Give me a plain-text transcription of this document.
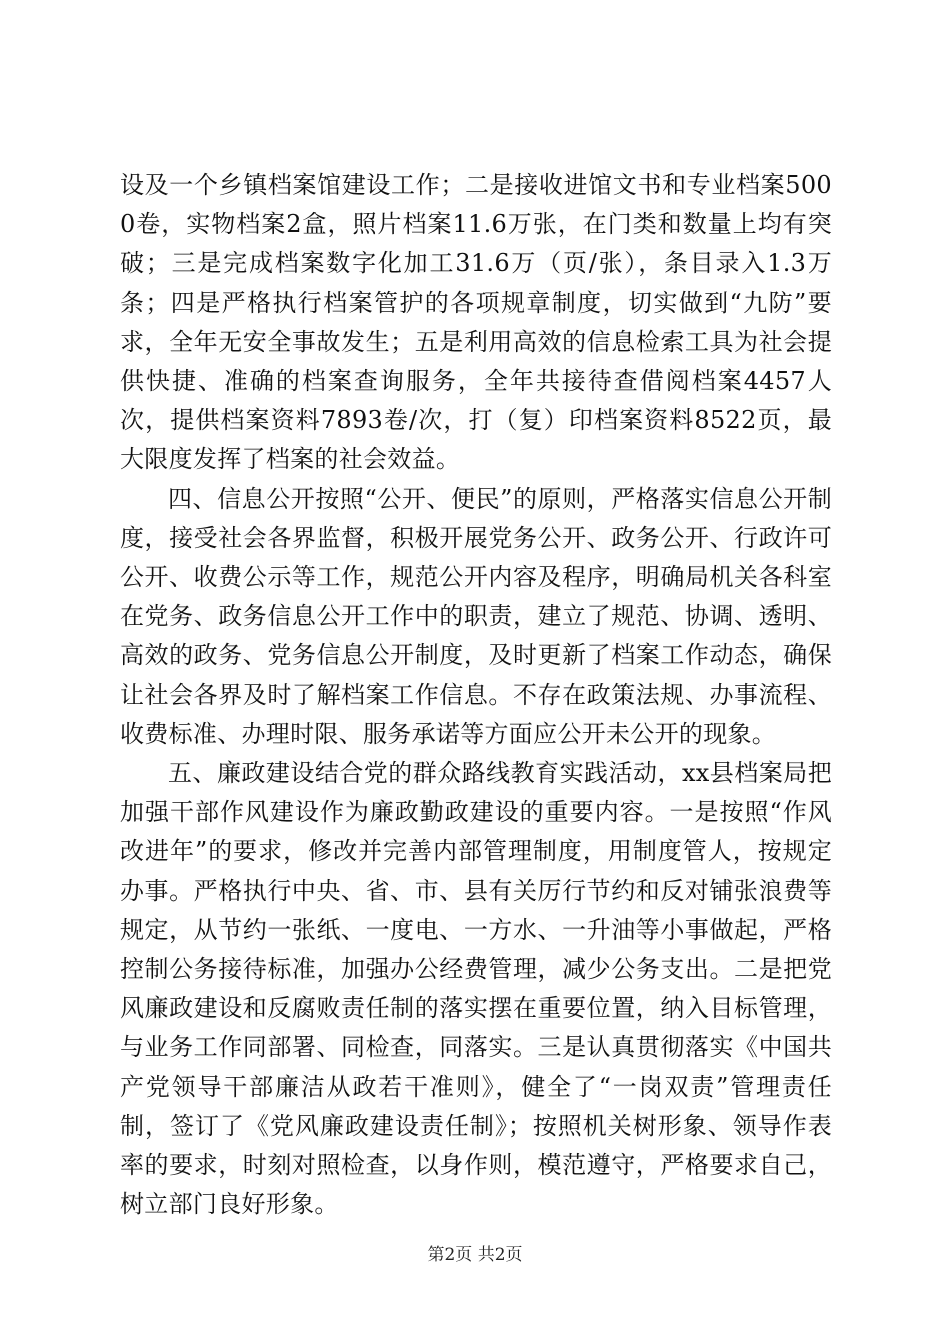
设及一个乡镇档案馆建设工作；二是接收进馆文书和专业档案5000卷，实物档案2盒，照片档案11.6万张，在门类和数量上均有突破；三是完成档案数字化加工31.6万（页/张），条目录入1.3万条；四是严格执行档案管护的各项规章制度，切实做到“九防”要求，全年无安全事故发生；五是利用高效的信息检索工具为社会提供快捷、准确的档案查询服务，全年共接待查借阅档案4457人次，提供档案资料7893卷/次，打（复）印档案资料8522页，最大限度发挥了档案的社会效益。

四、信息公开按照“公开、便民”的原则，严格落实信息公开制度，接受社会各界监督，积极开展党务公开、政务公开、行政许可公开、收费公示等工作，规范公开内容及程序，明确局机关各科室在党务、政务信息公开工作中的职责，建立了规范、协调、透明、高效的政务、党务信息公开制度，及时更新了档案工作动态，确保让社会各界及时了解档案工作信息。不存在政策法规、办事流程、收费标准、办理时限、服务承诺等方面应公开未公开的现象。

五、廉政建设结合党的群众路线教育实践活动，xx县档案局把加强干部作风建设作为廉政勤政建设的重要内容。一是按照“作风改进年”的要求，修改并完善内部管理制度，用制度管人，按规定办事。严格执行中央、省、市、县有关厉行节约和反对铺张浪费等规定，从节约一张纸、一度电、一方水、一升油等小事做起，严格控制公务接待标准，加强办公经费管理，减少公务支出。二是把党风廉政建设和反腐败责任制的落实摆在重要位置，纳入目标管理，与业务工作同部署、同检查，同落实。三是认真贯彻落实《中国共产党领导干部廉洁从政若干准则》，健全了“一岗双责”管理责任制，签订了《党风廉政建设责任制》；按照机关树形象、领导作表率的要求，时刻对照检查，以身作则，模范遵守，严格要求自己，树立部门良好形象。

第2页 共2页
